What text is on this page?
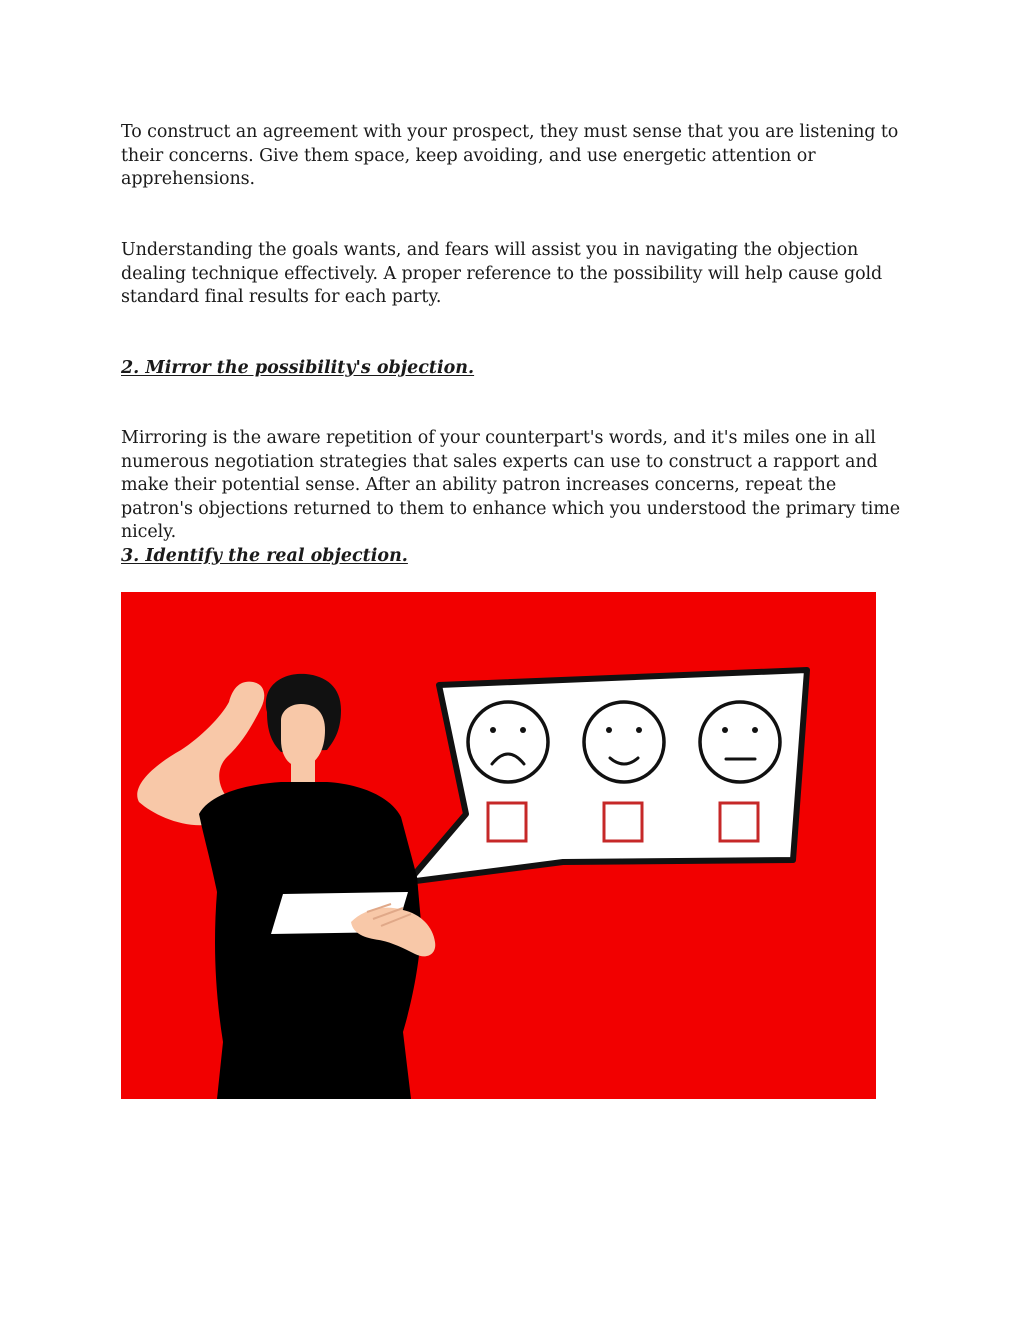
To construct an agreement with your prospect, they must sense that you are listening to their concerns. Give them space, keep avoiding, and use energetic attention or apprehensions.

Understanding the goals wants, and fears will assist you in navigating the objection dealing technique effectively. A proper reference to the possibility will help cause gold standard final results for each party.

2. Mirror the possibility's objection.

Mirroring is the aware repetition of your counterpart's words, and it's miles one in all numerous negotiation strategies that sales experts can use to construct a rapport and make their potential sense. After an ability patron increases concerns, repeat the patron's objections returned to them to enhance which you understood the primary time nicely.

3. Identify the real objection.
